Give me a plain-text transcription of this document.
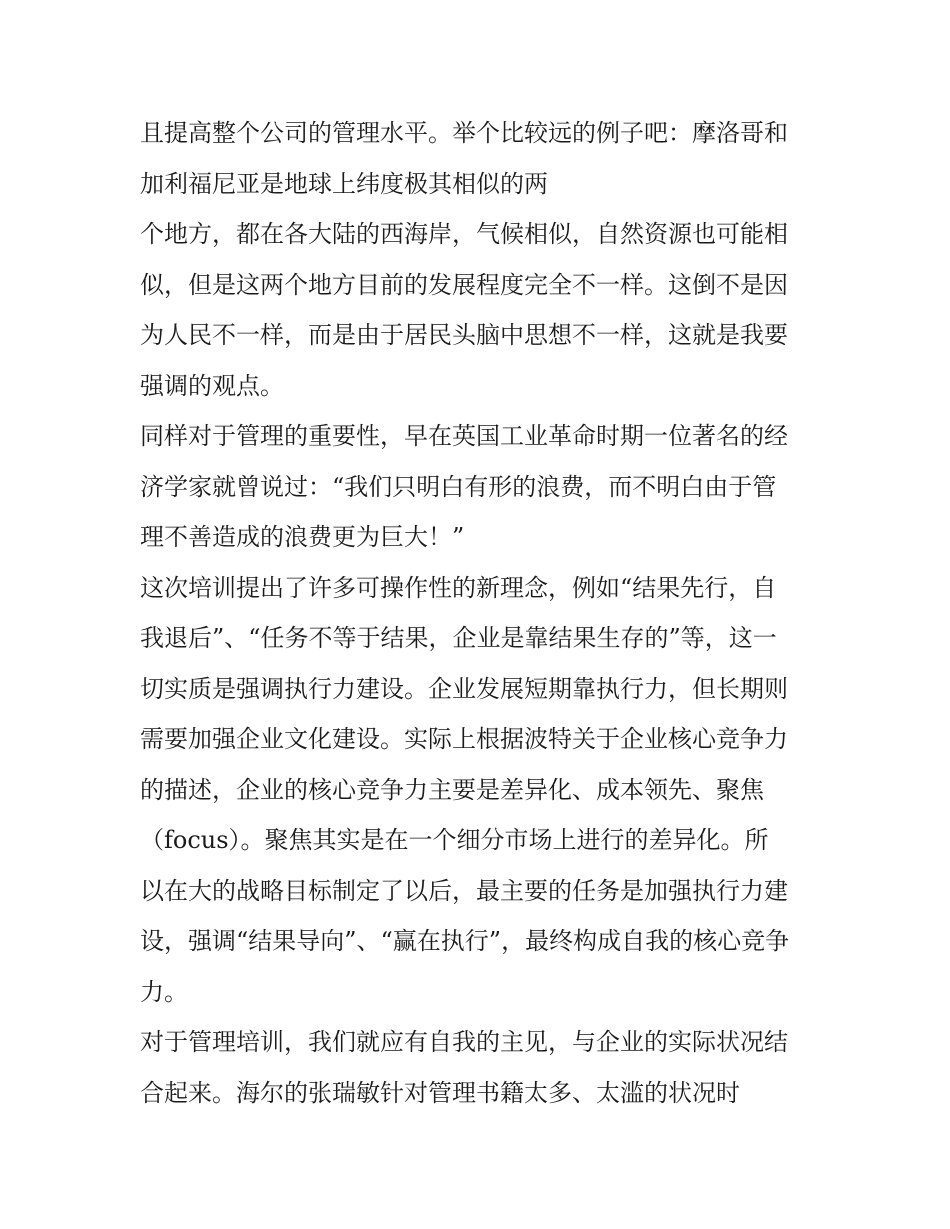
且提高整个公司的管理水平。举个比较远的例子吧：摩洛哥和
加利福尼亚是地球上纬度极其相似的两
个地方，都在各大陆的西海岸，气候相似，自然资源也可能相
似，但是这两个地方目前的发展程度完全不一样。这倒不是因
为人民不一样，而是由于居民头脑中思想不一样，这就是我要
强调的观点。
同样对于管理的重要性，早在英国工业革命时期一位著名的经
济学家就曾说过：“我们只明白有形的浪费，而不明白由于管
理不善造成的浪费更为巨大！”
这次培训提出了许多可操作性的新理念，例如“结果先行，自
我退后”、“任务不等于结果，企业是靠结果生存的”等，这一
切实质是强调执行力建设。企业发展短期靠执行力，但长期则
需要加强企业文化建设。实际上根据波特关于企业核心竞争力
的描述，企业的核心竞争力主要是差异化、成本领先、聚焦
（focus）。聚焦其实是在一个细分市场上进行的差异化。所
以在大的战略目标制定了以后，最主要的任务是加强执行力建
设，强调“结果导向”、“赢在执行”，最终构成自我的核心竞争
力。
对于管理培训，我们就应有自我的主见，与企业的实际状况结
合起来。海尔的张瑞敏针对管理书籍太多、太滥的状况时
